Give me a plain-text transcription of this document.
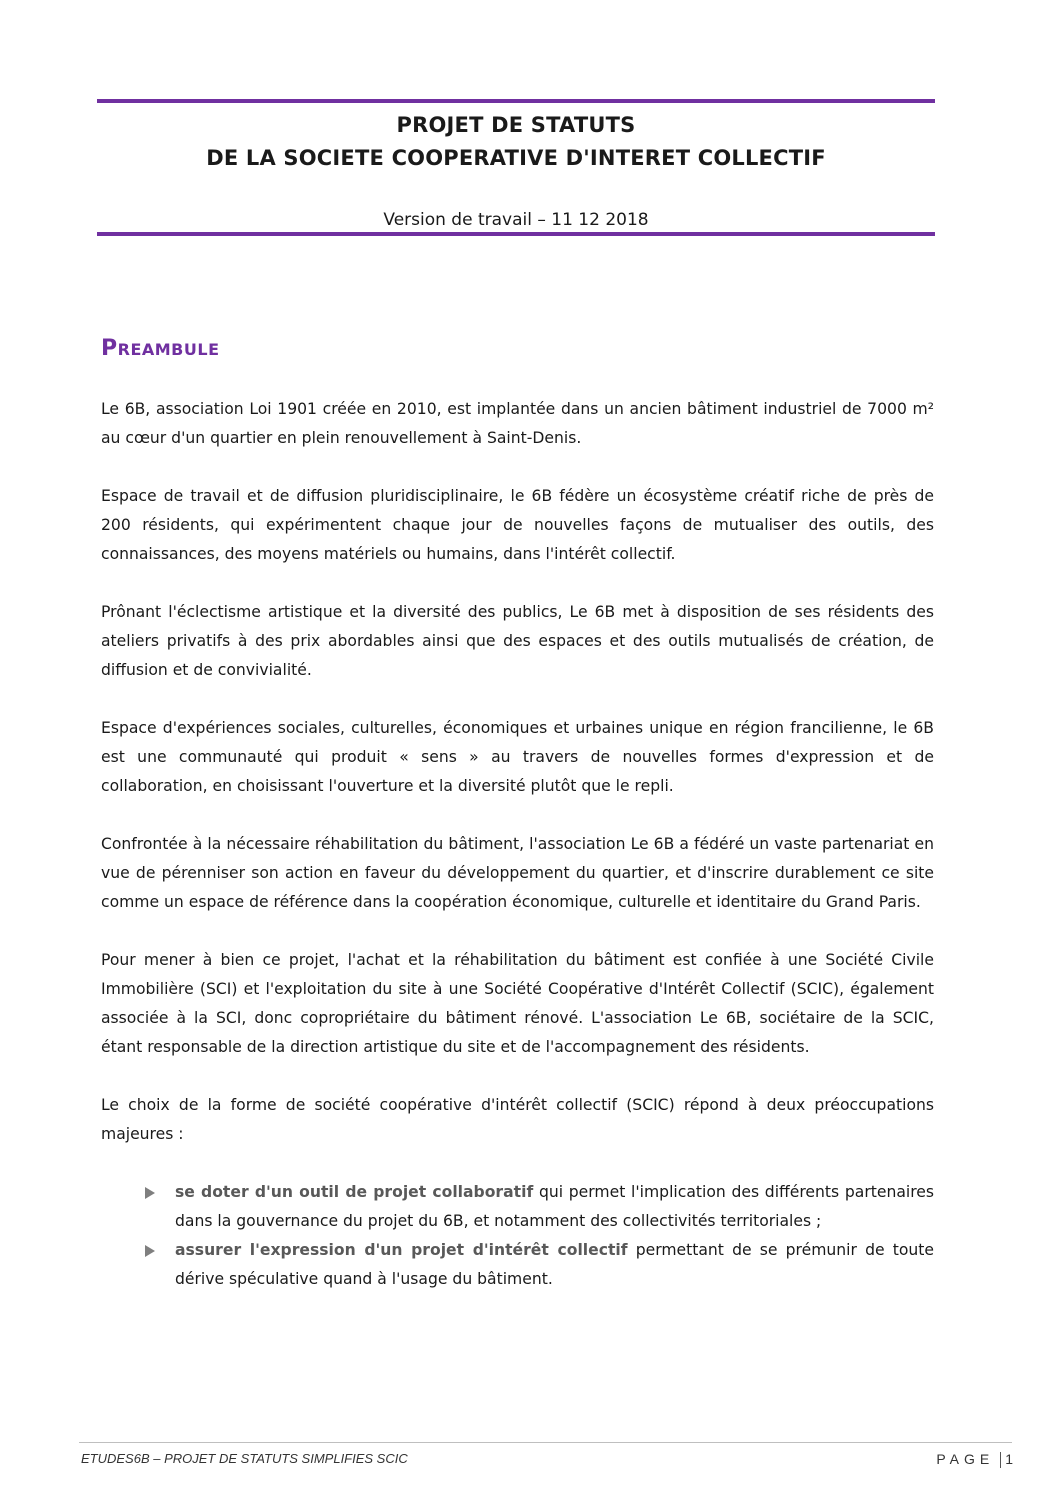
PROJET DE STATUTS
DE LA SOCIETE COOPERATIVE D'INTERET COLLECTIF
Version de travail – 11 12 2018
PREAMBULE

Le 6B, association Loi 1901 créée en 2010, est implantée dans un ancien bâtiment industriel de 7000 m² au cœur d'un quartier en plein renouvellement à Saint-Denis.

Espace de travail et de diffusion pluridisciplinaire, le 6B fédère un écosystème créatif riche de près de 200 résidents, qui expérimentent chaque jour de nouvelles façons de mutualiser des outils, des connaissances, des moyens matériels ou humains, dans l'intérêt collectif.

Prônant l'éclectisme artistique et la diversité des publics, Le 6B met à disposition de ses résidents des ateliers privatifs à des prix abordables ainsi que des espaces et des outils mutualisés de création, de diffusion et de convivialité.

Espace d'expériences sociales, culturelles, économiques et urbaines unique en région francilienne, le 6B est une communauté qui produit « sens » au travers de nouvelles formes d'expression et de collaboration, en choisissant l'ouverture et la diversité plutôt que le repli.

Confrontée à la nécessaire réhabilitation du bâtiment, l'association Le 6B a fédéré un vaste partenariat en vue de pérenniser son action en faveur du développement du quartier, et d'inscrire durablement ce site comme un espace de référence dans la coopération économique, culturelle et identitaire du Grand Paris.

Pour mener à bien ce projet, l'achat et la réhabilitation du bâtiment est confiée à une Société Civile Immobilière (SCI) et l'exploitation du site à une Société Coopérative d'Intérêt Collectif (SCIC), également associée à la SCI, donc copropriétaire du bâtiment rénové. L'association Le 6B, sociétaire de la SCIC, étant responsable de la direction artistique du site et de l'accompagnement des résidents.

Le choix de la forme de société coopérative d'intérêt collectif (SCIC) répond à deux préoccupations majeures :

se doter d'un outil de projet collaboratif qui permet l'implication des différents partenaires dans la gouvernance du projet du 6B, et notamment des collectivités territoriales ;
assurer l'expression d'un projet d'intérêt collectif permettant de se prémunir de toute dérive spéculative quand à l'usage du bâtiment.
ETUDES6B – PROJET DE STATUTS SIMPLIFIES SCIC	PAGE 1
